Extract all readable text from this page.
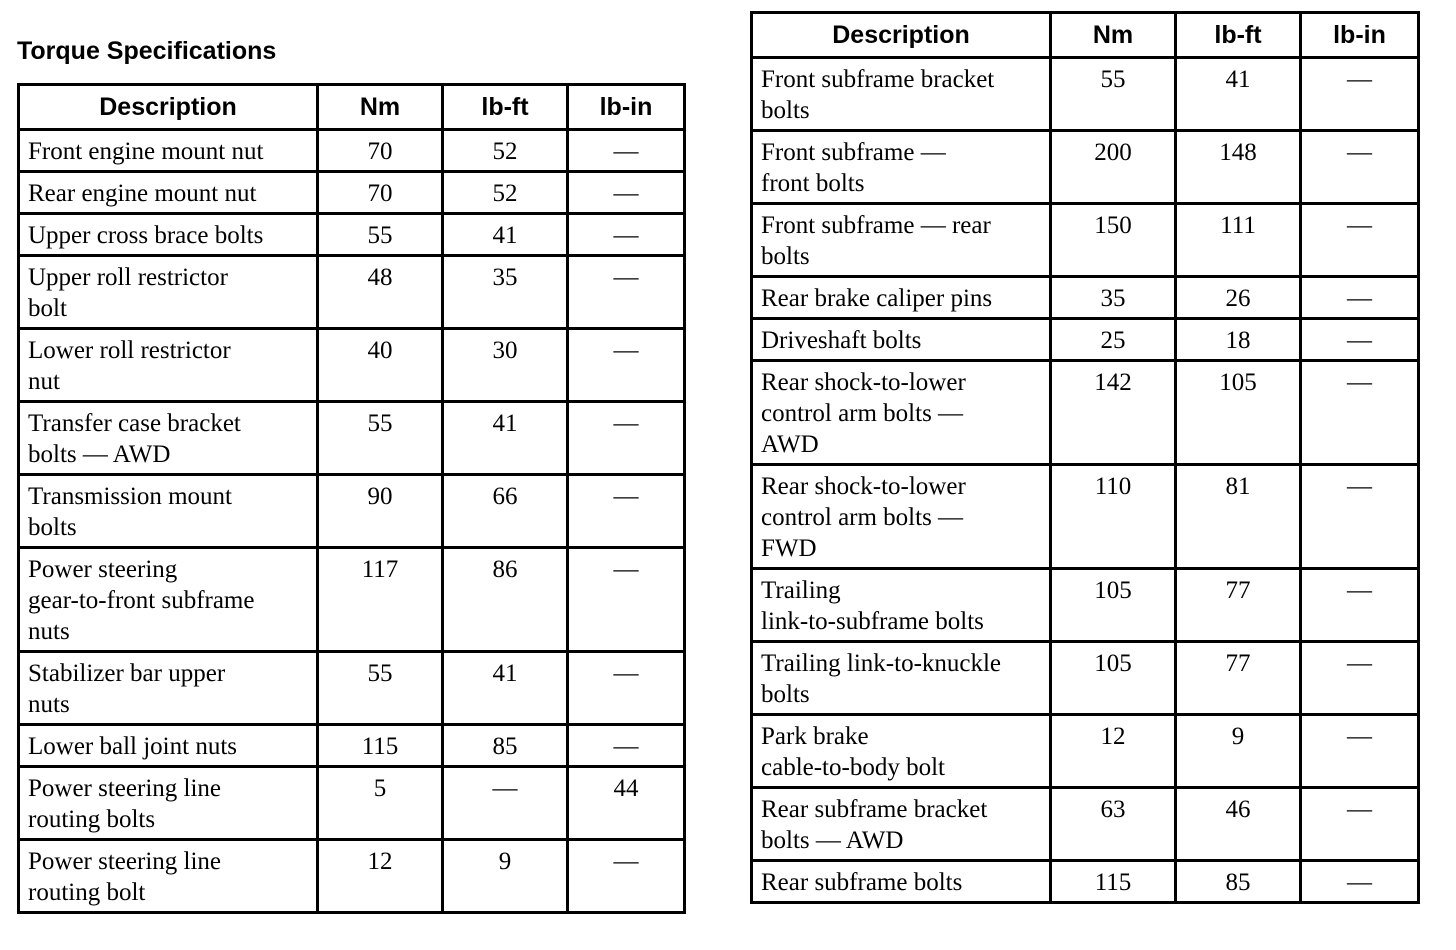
Torque Specifications
Description	Nm	lb-ft	lb-in

Front engine mount nut	70	52	—

Rear engine mount nut	70	52	—

Upper cross brace bolts	55	41	—

Upper roll restrictor
bolt	48	35	—

Lower roll restrictor
nut	40	30	—

Transfer case bracket
bolts — AWD	55	41	—

Transmission mount
bolts	90	66	—

Power steering
gear-to-front subframe
nuts	117	86	—

Stabilizer bar upper
nuts	55	41	—

Lower ball joint nuts	115	85	—

Power steering line
routing bolts	5	—	44

Power steering line
routing bolt	12	9	—
Description	Nm	lb-ft	lb-in

Front subframe bracket
bolts	55	41	—

Front subframe —
front bolts	200	148	—

Front subframe — rear
bolts	150	111	—

Rear brake caliper pins	35	26	—

Driveshaft bolts	25	18	—

Rear shock-to-lower
control arm bolts —
AWD	142	105	—

Rear shock-to-lower
control arm bolts —
FWD	110	81	—

Trailing
link-to-subframe bolts	105	77	—

Trailing link-to-knuckle
bolts	105	77	—

Park brake
cable-to-body bolt	12	9	—

Rear subframe bracket
bolts — AWD	63	46	—

Rear subframe bolts	115	85	—
